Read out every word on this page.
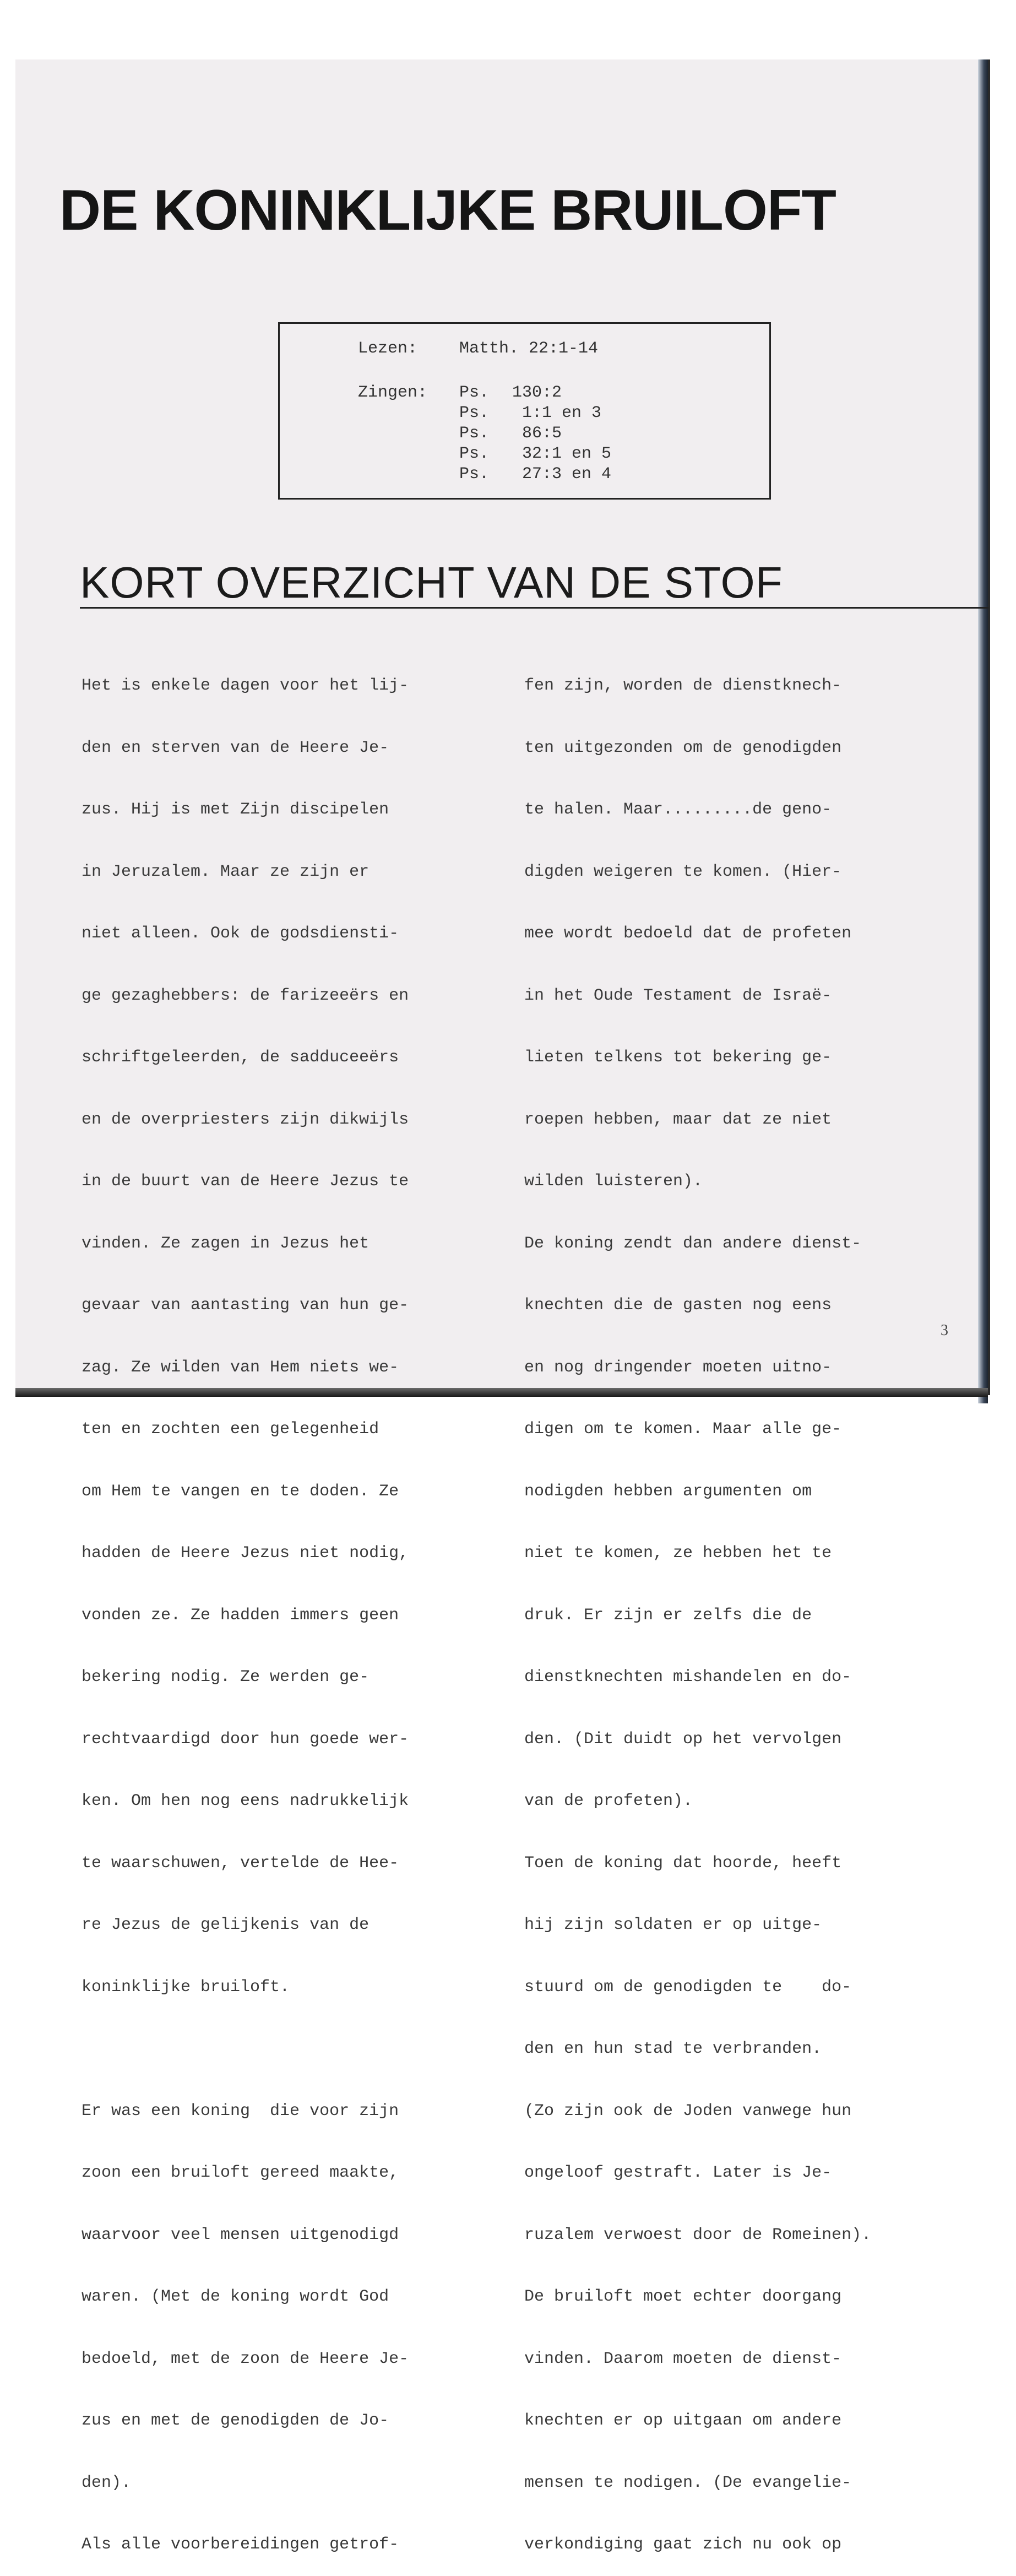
DE KONINKLIJKE BRUILOFT
Lezen:	Matth. 22:1-14
Zingen: Ps. 130:2
Ps. 1:1 en 3
Ps. 86:5
Ps. 32:1 en 5
Ps. 27:3 en 4
KORT OVERZICHT VAN DE STOF

Het is enkele dagen voor het lij-

den en sterven van de Heere Je-

zus. Hij is met Zijn discipelen

in Jeruzalem. Maar ze zijn er

niet alleen. Ook de godsdiensti-

ge gezaghebbers: de farizeeërs en

schriftgeleerden, de sadduceeërs

en de overpriesters zijn dikwijls

in de buurt van de Heere Jezus te

vinden. Ze zagen in Jezus het

gevaar van aantasting van hun ge-

zag. Ze wilden van Hem niets we-

ten en zochten een gelegenheid

om Hem te vangen en te doden. Ze

hadden de Heere Jezus niet nodig,

vonden ze. Ze hadden immers geen

bekering nodig. Ze werden ge-

rechtvaardigd door hun goede wer-

ken. Om hen nog eens nadrukkelijk

te waarschuwen, vertelde de Hee-

re Jezus de gelijkenis van de

koninklijke bruiloft.

Er was een koning  die voor zijn

zoon een bruiloft gereed maakte,

waarvoor veel mensen uitgenodigd

waren. (Met de koning wordt God

bedoeld, met de zoon de Heere Je-

zus en met de genodigden de Jo-

den).

Als alle voorbereidingen getrof-

fen zijn, worden de dienstknech-

ten uitgezonden om de genodigden

te halen. Maar.........de geno-

digden weigeren te komen. (Hier-

mee wordt bedoeld dat de profeten

in het Oude Testament de Israë-

lieten telkens tot bekering ge-

roepen hebben, maar dat ze niet

wilden luisteren).

De koning zendt dan andere dienst-

knechten die de gasten nog eens

en nog dringender moeten uitno-

digen om te komen. Maar alle ge-

nodigden hebben argumenten om

niet te komen, ze hebben het te

druk. Er zijn er zelfs die de

dienstknechten mishandelen en do-

den. (Dit duidt op het vervolgen

van de profeten).

Toen de koning dat hoorde, heeft

hij zijn soldaten er op uitge-

stuurd om de genodigden te    do-

den en hun stad te verbranden.

(Zo zijn ook de Joden vanwege hun

ongeloof gestraft. Later is Je-

ruzalem verwoest door de Romeinen).

De bruiloft moet echter doorgang

vinden. Daarom moeten de dienst-

knechten er op uitgaan om andere

mensen te nodigen. (De evangelie-

verkondiging gaat zich nu ook op

3
